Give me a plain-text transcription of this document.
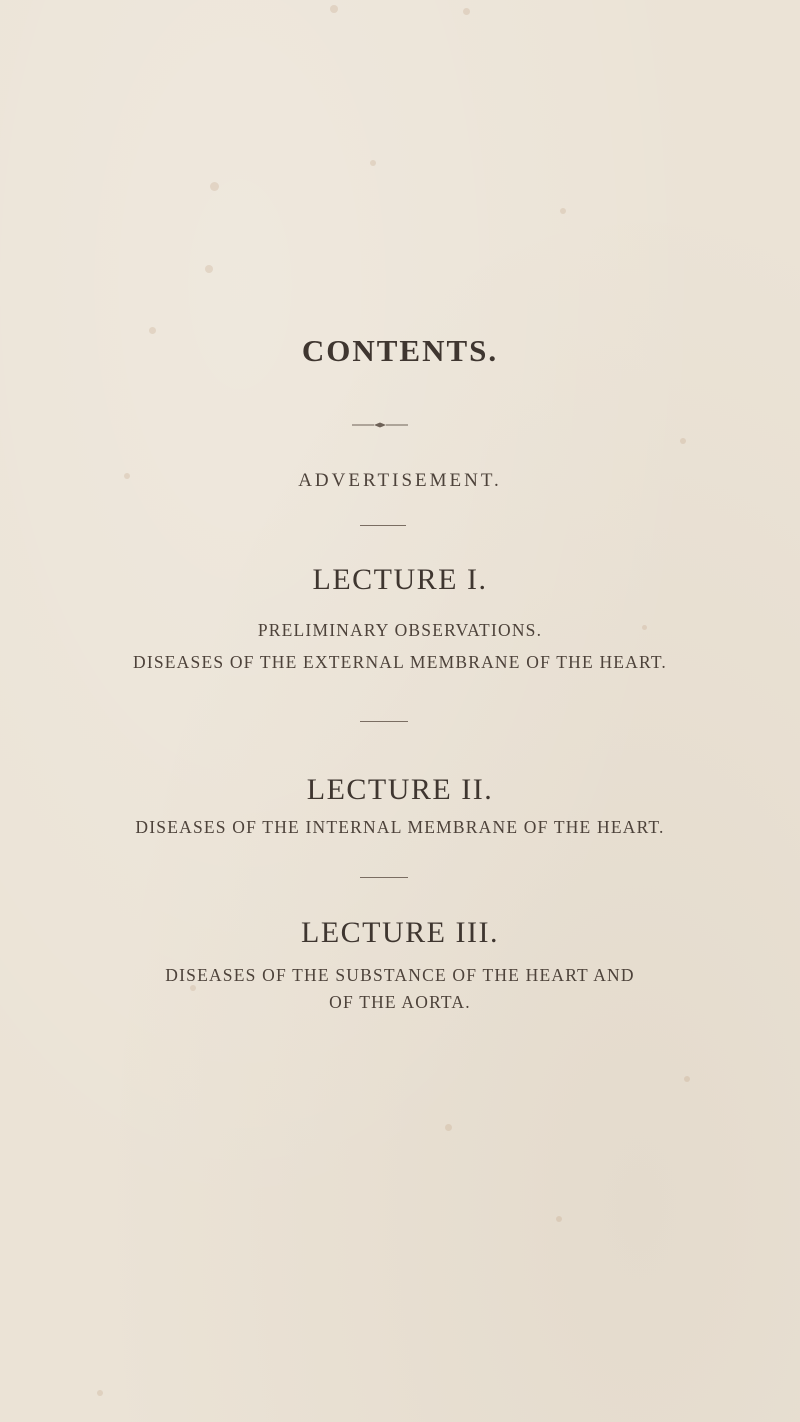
CONTENTS.
ADVERTISEMENT.
LECTURE I.
PRELIMINARY OBSERVATIONS.
DISEASES OF THE EXTERNAL MEMBRANE OF THE HEART.
LECTURE II.
DISEASES OF THE INTERNAL MEMBRANE OF THE HEART.
LECTURE III.
DISEASES OF THE SUBSTANCE OF THE HEART AND
OF THE AORTA.
